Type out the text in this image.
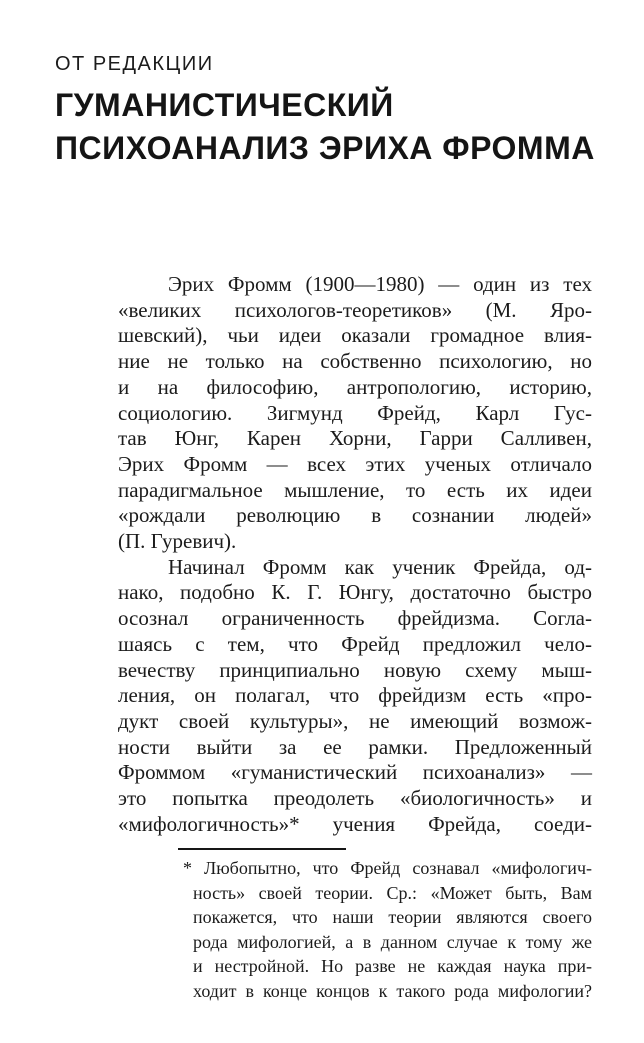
ОТ РЕДАКЦИИ
ГУМАНИСТИЧЕСКИЙ
ПСИХОАНАЛИЗ ЭРИХА ФРОММА
Эрих Фромм (1900—1980) — один из тех
«великих психологов-теоретиков» (М. Яро-
шевский), чьи идеи оказали громадное влия-
ние не только на собственно психологию, но
и на философию, антропологию, историю,
социологию. Зигмунд Фрейд, Карл Гус-
тав Юнг, Карен Хорни, Гарри Салливен,
Эрих Фромм — всех этих ученых отличало
парадигмальное мышление, то есть их идеи
«рождали революцию в сознании людей»
(П. Гуревич).
Начинал Фромм как ученик Фрейда, од-
нако, подобно К. Г. Юнгу, достаточно быстро
осознал ограниченность фрейдизма. Согла-
шаясь с тем, что Фрейд предложил чело-
вечеству принципиально новую схему мыш-
ления, он полагал, что фрейдизм есть «про-
дукт своей культуры», не имеющий возмож-
ности выйти за ее рамки. Предложенный
Фроммом «гуманистический психоанализ» —
это попытка преодолеть «биологичность» и
«мифологичность»* учения Фрейда, соеди-
* Любопытно, что Фрейд сознавал «мифологич-
ность» своей теории. Ср.: «Может быть, Вам
покажется, что наши теории являются своего
рода мифологией, а в данном случае к тому же
и нестройной. Но разве не каждая наука при-
ходит в конце концов к такого рода мифологии?
